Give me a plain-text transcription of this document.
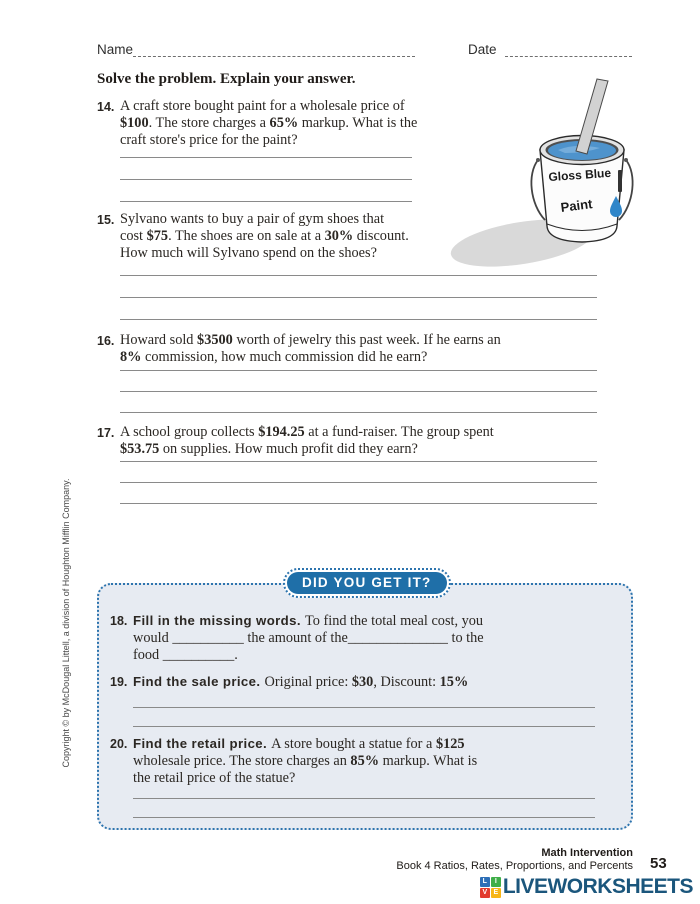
Name	Date
Solve the problem. Explain your answer.
14. A craft store bought paint for a wholesale price of
$100. The store charges a 65% markup. What is the
craft store's price for the paint?
15. Sylvano wants to buy a pair of gym shoes that
cost $75. The shoes are on sale at a 30% discount.
How much will Sylvano spend on the shoes?
16. Howard sold $3500 worth of jewelry this past week. If he earns an
8% commission, how much commission did he earn?
17. A school group collects $194.25 at a fund-raiser. The group spent
$53.75 on supplies. How much profit did they earn?
DID YOU GET IT?
18. Fill in the missing words. To find the total meal cost, you
would __________ the amount of the______________ to the
food __________.
19. Find the sale price. Original price: $30, Discount: 15%
20. Find the retail price. A store bought a statue for a $125
wholesale price. The store charges an 85% markup. What is
the retail price of the statue?
Gloss Blue
Paint
Copyright © by McDougal Littell, a division of Houghton Mifflin Company.
Math Intervention
Book 4 Ratios, Rates, Proportions, and Percents 53
L	I
V E LIVEWORKSHEETS
